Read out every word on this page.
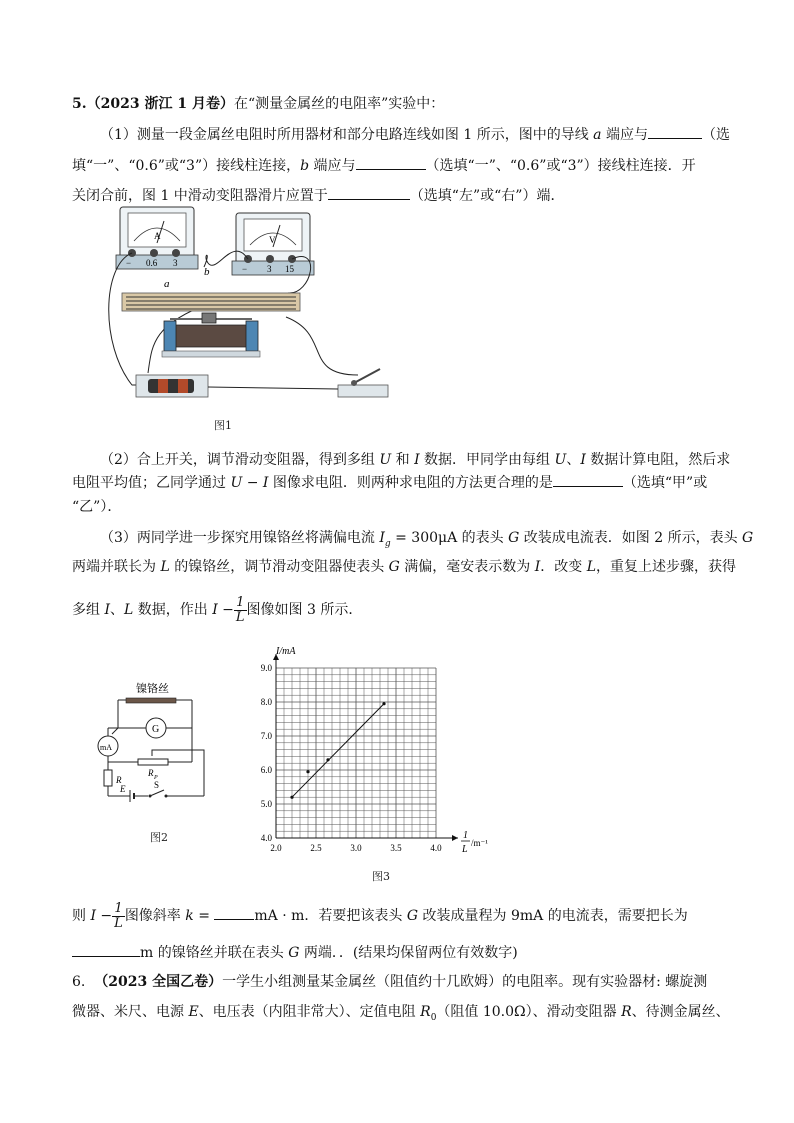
5.（2023 浙江 1 月卷）在“测量金属丝的电阻率”实验中：
（1）测量一段金属丝电阻时所用器材和部分电路连线如图 1 所示，图中的导线 a 端应与	（选
填“一”、“0.6”或“3”）接线柱连接，b 端应与	（选填“一”、“0.6”或“3”）接线柱连接．开
关闭合前，图 1 中滑动变阻器滑片应置于	（选填“左”或“右”）端．
A
− 0.6 3
V
− 3 15
b
a
图1
（2）合上开关，调节滑动变阻器，得到多组 U 和 I 数据．甲同学由每组 U、I 数据计算电阻，然后求
电阻平均值；乙同学通过 U − I 图像求电阻．则两种求电阻的方法更合理的是	（选填“甲”或
“乙”）．
（3）两同学进一步探究用镍铬丝将满偏电流 $I_g = 300\mu A$ 的表头 G 改装成电流表．如图 2 所示，表头 G
两端并联长为 L 的镍铬丝，调节滑动变阻器使表头 G 满偏，毫安表示数为 I．改变 L，重复上述步骤，获得
多组 I、L 数据，作出 $I - \frac{1}{L}$ 图像如图 3 所示．
镍铬丝
G
mA
R P
R
E	S
图2
2.0	2.5	3.0	3.5	4.0
4.0
5.0
6.0
7.0
8.0
9.0
I/mA
1
L
/m⁻¹
图3
则 $I - \frac{1}{L}$ 图像斜率 k =	mA · m．若要把该表头 G 改装成量程为 9mA 的电流表，需要把长为
m 的镍铬丝并联在表头 G 两端．．(结果均保留两位有效数字)
6. （2023 全国乙卷）一学生小组测量某金属丝（阻值约十几欧姆）的电阻率。现有实验器材: 螺旋测
微器、米尺、电源 E、电压表（内阻非常大）、定值电阻 $R_0$（阻值 10.0Ω）、滑动变阻器 R、待测金属丝、
